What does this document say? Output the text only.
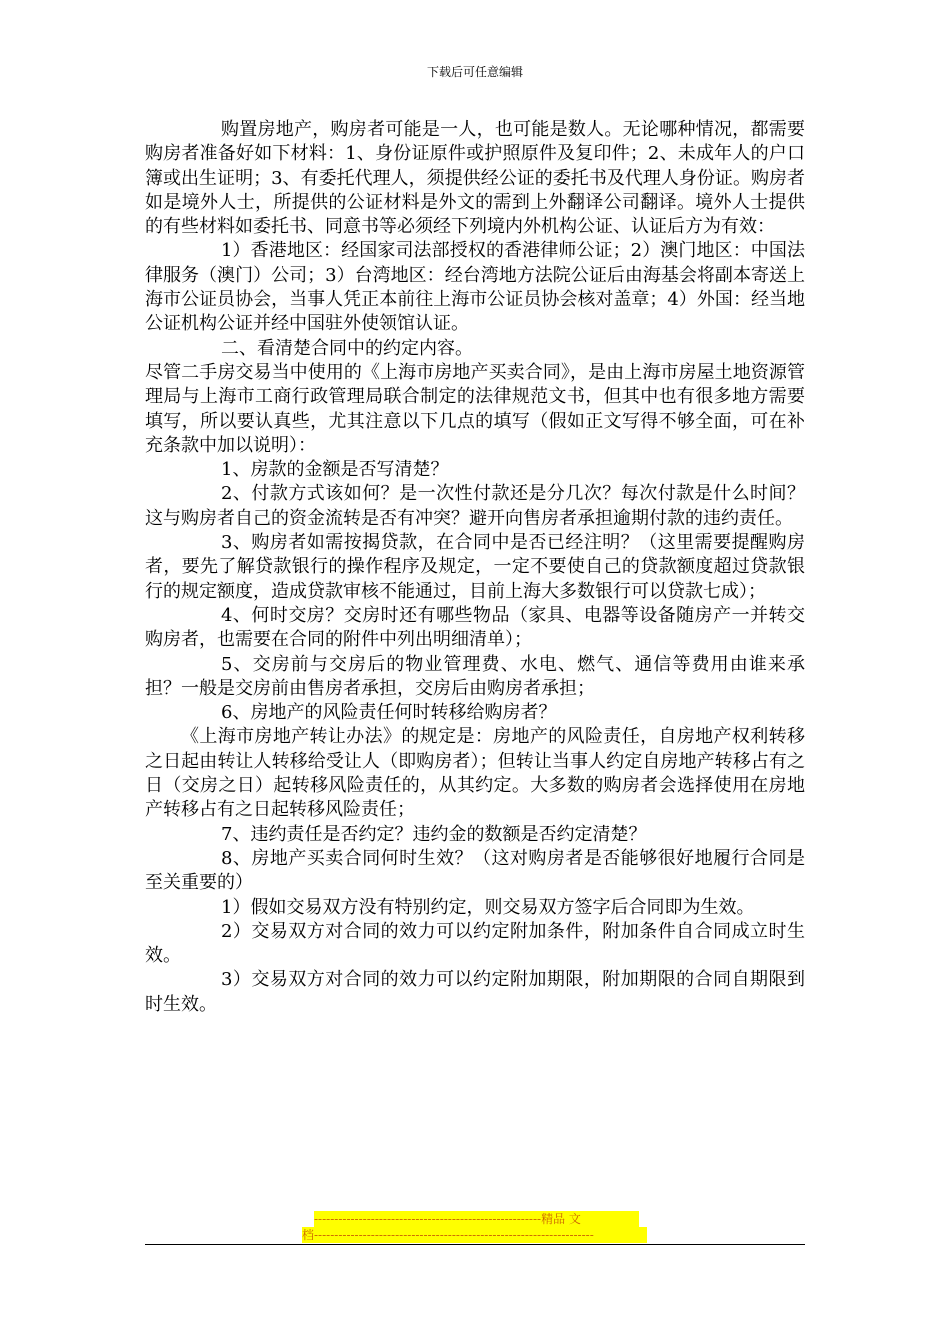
下载后可任意编辑

购置房地产，购房者可能是一人，也可能是数人。无论哪种情况，都需要购房者准备好如下材料：1、身份证原件或护照原件及复印件；2、未成年人的户口簿或出生证明；3、有委托代理人，须提供经公证的委托书及代理人身份证。购房者如是境外人士，所提供的公证材料是外文的需到上外翻译公司翻译。境外人士提供的有些材料如委托书、同意书等必须经下列境内外机构公证、认证后方为有效：

1）香港地区：经国家司法部授权的香港律师公证；2）澳门地区：中国法律服务（澳门）公司；3）台湾地区：经台湾地方法院公证后由海基会将副本寄送上海市公证员协会，当事人凭正本前往上海市公证员协会核对盖章；4）外国：经当地公证机构公证并经中国驻外使领馆认证。

二、看清楚合同中的约定内容。

尽管二手房交易当中使用的《上海市房地产买卖合同》，是由上海市房屋土地资源管理局与上海市工商行政管理局联合制定的法律规范文书，但其中也有很多地方需要填写，所以要认真些，尤其注意以下几点的填写（假如正文写得不够全面，可在补充条款中加以说明）：

1、房款的金额是否写清楚？

2、付款方式该如何？是一次性付款还是分几次？每次付款是什么时间？这与购房者自己的资金流转是否有冲突？避开向售房者承担逾期付款的违约责任。

3、购房者如需按揭贷款，在合同中是否已经注明？（这里需要提醒购房者，要先了解贷款银行的操作程序及规定，一定不要使自己的贷款额度超过贷款银行的规定额度，造成贷款审核不能通过，目前上海大多数银行可以贷款七成）；

4、何时交房？交房时还有哪些物品（家具、电器等设备随房产一并转交购房者，也需要在合同的附件中列出明细清单）；

5、交房前与交房后的物业管理费、水电、燃气、通信等费用由谁来承担？一般是交房前由售房者承担，交房后由购房者承担；

6、房地产的风险责任何时转移给购房者？

《上海市房地产转让办法》的规定是：房地产的风险责任，自房地产权利转移之日起由转让人转移给受让人（即购房者）；但转让当事人约定自房地产转移占有之日（交房之日）起转移风险责任的，从其约定。大多数的购房者会选择使用在房地产转移占有之日起转移风险责任；

7、违约责任是否约定？违约金的数额是否约定清楚？

8、房地产买卖合同何时生效？（这对购房者是否能够很好地履行合同是至关重要的）

1）假如交易双方没有特别约定，则交易双方签字后合同即为生效。

2）交易双方对合同的效力可以约定附加条件，附加条件自合同成立时生效。

3）交易双方对合同的效力可以约定附加期限，附加期限的合同自期限到时生效。

--------------------------------------------------------精品 文
档---------------------------------------------------------------------
